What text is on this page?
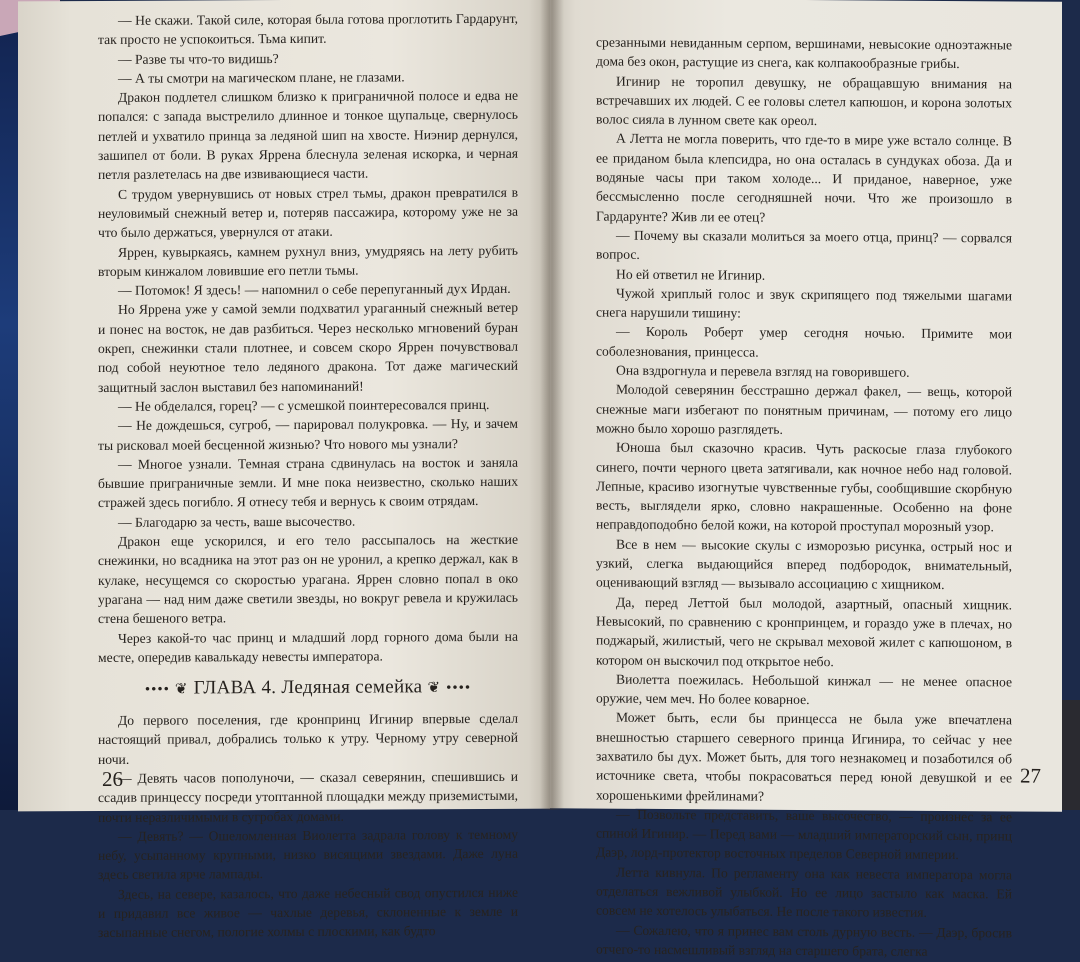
— Не скажи. Такой силе, которая была готова проглотить Гардарунт, так просто не успокоиться. Тьма кипит.

— Разве ты что-то видишь?

— А ты смотри на магическом плане, не глазами.

Дракон подлетел слишком близко к приграничной полосе и едва не попался: с запада выстрелило длинное и тонкое щупальце, свернулось петлей и ухватило принца за ледяной шип на хвосте. Ниэнир дернулся, зашипел от боли. В руках Яррена блеснула зеленая искорка, и черная петля разлетелась на две извивающиеся части.

С трудом увернувшись от новых стрел тьмы, дракон превратился в неуловимый снежный ветер и, потеряв пассажира, которому уже не за что было держаться, увернулся от атаки.

Яррен, кувыркаясь, камнем рухнул вниз, умудряясь на лету рубить вторым кинжалом ловившие его петли тьмы.

— Потомок! Я здесь! — напомнил о себе перепуганный дух Ирдан.

Но Яррена уже у самой земли подхватил ураганный снежный ветер и понес на восток, не дав разбиться. Через несколько мгновений буран окреп, снежинки стали плотнее, и совсем скоро Яррен почувствовал под собой неуютное тело ледяного дракона. Тот даже магический защитный заслон выставил без напоминаний!

— Не обделался, горец? — с усмешкой поинтересовался принц.

— Не дождешься, сугроб, — парировал полукровка. — Ну, и зачем ты рисковал моей бесценной жизнью? Что нового мы узнали?

— Многое узнали. Темная страна сдвинулась на восток и заняла бывшие приграничные земли. И мне пока неизвестно, сколько наших стражей здесь погибло. Я отнесу тебя и вернусь к своим отрядам.

— Благодарю за честь, ваше высочество.

Дракон еще ускорился, и его тело рассыпалось на жесткие снежинки, но всадника на этот раз он не уронил, а крепко держал, как в кулаке, несущемся со скоростью урагана. Яррен словно попал в око урагана — над ним даже светили звезды, но вокруг ревела и кружилась стена бешеного ветра.

Через какой-то час принц и младший лорд горного дома были на месте, опередив кавалькаду невесты императора.

•••• ❦ ГЛАВА 4. Ледяная семейка ❦ ••••

До первого поселения, где кронпринц Игинир впервые сделал настоящий привал, добрались только к утру. Черному утру северной ночи.

— Девять часов пополуночи, — сказал северянин, спешившись и ссадив принцессу посреди утоптанной площадки между приземистыми, почти неразличимыми в сугробах домами.

— Девять? — Ошеломленная Виолетта задрала голову к темному небу, усыпанному крупными, низко висящими звездами. Даже луна здесь светила ярче лампады.

Здесь, на севере, казалось, что даже небесный свод опустился ниже и придавил все живое — чахлые деревья, склоненные к земле и засыпанные снегом, пологие холмы с плоскими, как будто

26

срезанными невиданным серпом, вершинами, невысокие одноэтажные дома без окон, растущие из снега, как колпакообразные грибы.

Игинир не торопил девушку, не обращавшую внимания на встречавших их людей. С ее головы слетел капюшон, и корона золотых волос сияла в лунном свете как ореол.

А Летта не могла поверить, что где-то в мире уже встало солнце. В ее приданом была клепсидра, но она осталась в сундуках обоза. Да и водяные часы при таком холоде... И приданое, наверное, уже бессмысленно после сегодняшней ночи. Что же произошло в Гардарунте? Жив ли ее отец?

— Почему вы сказали молиться за моего отца, принц? — сорвался вопрос.

Но ей ответил не Игинир.

Чужой хриплый голос и звук скрипящего под тяжелыми шагами снега нарушили тишину:

— Король Роберт умер сегодня ночью. Примите мои соболезнования, принцесса.

Она вздрогнула и перевела взгляд на говорившего.

Молодой северянин бесстрашно держал факел, — вещь, которой снежные маги избегают по понятным причинам, — потому его лицо можно было хорошо разглядеть.

Юноша был сказочно красив. Чуть раскосые глаза глубокого синего, почти черного цвета затягивали, как ночное небо над головой. Лепные, красиво изогнутые чувственные губы, сообщившие скорбную весть, выглядели ярко, словно накрашенные. Особенно на фоне неправдоподобно белой кожи, на которой проступал морозный узор.

Все в нем — высокие скулы с изморозью рисунка, острый нос и узкий, слегка выдающийся вперед подбородок, внимательный, оценивающий взгляд — вызывало ассоциацию с хищником.

Да, перед Леттой был молодой, азартный, опасный хищник. Невысокий, по сравнению с кронпринцем, и гораздо уже в плечах, но поджарый, жилистый, чего не скрывал меховой жилет с капюшоном, в котором он выскочил под открытое небо.

Виолетта поежилась. Небольшой кинжал — не менее опасное оружие, чем меч. Но более коварное.

Может быть, если бы принцесса не была уже впечатлена внешностью старшего северного принца Игинира, то сейчас у нее захватило бы дух. Может быть, для того незнакомец и позаботился об источнике света, чтобы покрасоваться перед юной девушкой и ее хорошенькими фрейлинами?

— Позвольте представить, ваше высочество, — произнес за ее спиной Игинир. — Перед вами — младший императорский сын, принц Даэр, лорд-протектор восточных пределов Северной империи.

Летта кивнула. По регламенту она как невеста императора могла отделаться вежливой улыбкой. Но ее лицо застыло как маска. Ей совсем не хотелось улыбаться. Не после такого известия.

— Сожалею, что я принес вам столь дурную весть. — Даэр, бросив отчего-то насмешливый взгляд на старшего брата, слегка

27
